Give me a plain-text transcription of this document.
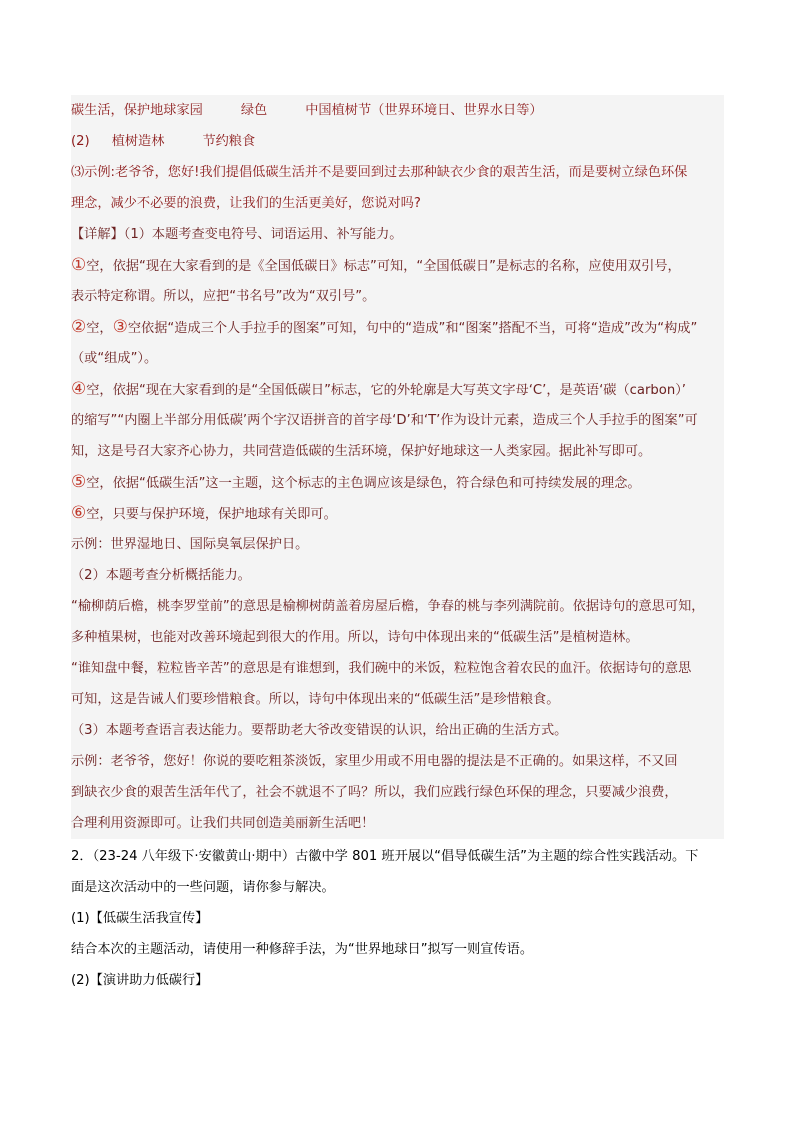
碳生活，保护地球家园	绿色	中国植树节（世界环境日、世界水日等）
(2) 植树造林	节约粮食
⑶示例:老爷爷，您好!我们提倡低碳生活并不是要回到过去那种缺衣少食的艰苦生活，而是要树立绿色环保
理念，减少不必要的浪费，让我们的生活更美好，您说对吗?
【详解】（1）本题考查变电符号、词语运用、补写能力。
①空，依据“现在大家看到的是《全国低碳日》标志”可知，“全国低碳日”是标志的名称，应使用双引号，
表示特定称谓。所以，应把“书名号”改为“双引号”。
②空，③空依据“造成三个人手拉手的图案”可知，句中的“造成”和“图案”搭配不当，可将“造成”改为“构成”
（或“组成”）。
④空，依据“现在大家看到的是“全国低碳日”标志，它的外轮廓是大写英文字母‘C’，是英语‘碳（carbon）’
的缩写”“内圈上半部分用低碳’两个字汉语拼音的首字母‘D’和‘T’作为设计元素，造成三个人手拉手的图案”可
知，这是号召大家齐心协力，共同营造低碳的生活环境，保护好地球这一人类家园。据此补写即可。
⑤空，依据“低碳生活”这一主题，这个标志的主色调应该是绿色，符合绿色和可持续发展的理念。
⑥空，只要与保护环境，保护地球有关即可。
示例：世界湿地日、国际臭氧层保护日。
（2）本题考查分析概括能力。
“榆柳荫后檐，桃李罗堂前”的意思是榆柳树荫盖着房屋后檐，争春的桃与李列满院前。依据诗句的意思可知，
多种植果树，也能对改善环境起到很大的作用。所以，诗句中体现出来的“低碳生活”是植树造林。
“谁知盘中餐，粒粒皆辛苦”的意思是有谁想到，我们碗中的米饭，粒粒饱含着农民的血汗。依据诗句的意思
可知，这是告诫人们要珍惜粮食。所以，诗句中体现出来的“低碳生活”是珍惜粮食。
（3）本题考查语言表达能力。要帮助老大爷改变错误的认识，给出正确的生活方式。
示例：老爷爷，您好！你说的要吃粗茶淡饭，家里少用或不用电器的提法是不正确的。如果这样，不又回
到缺衣少食的艰苦生活年代了，社会不就退不了吗？所以，我们应践行绿色环保的理念，只要减少浪费，
合理利用资源即可。让我们共同创造美丽新生活吧！
2．（23-24 八年级下·安徽黄山·期中）古徽中学 801 班开展以“倡导低碳生活”为主题的综合性实践活动。下
面是这次活动中的一些问题，请你参与解决。
(1)【低碳生活我宣传】
结合本次的主题活动，请使用一种修辞手法，为“世界地球日”拟写一则宣传语。
(2)【演讲助力低碳行】
